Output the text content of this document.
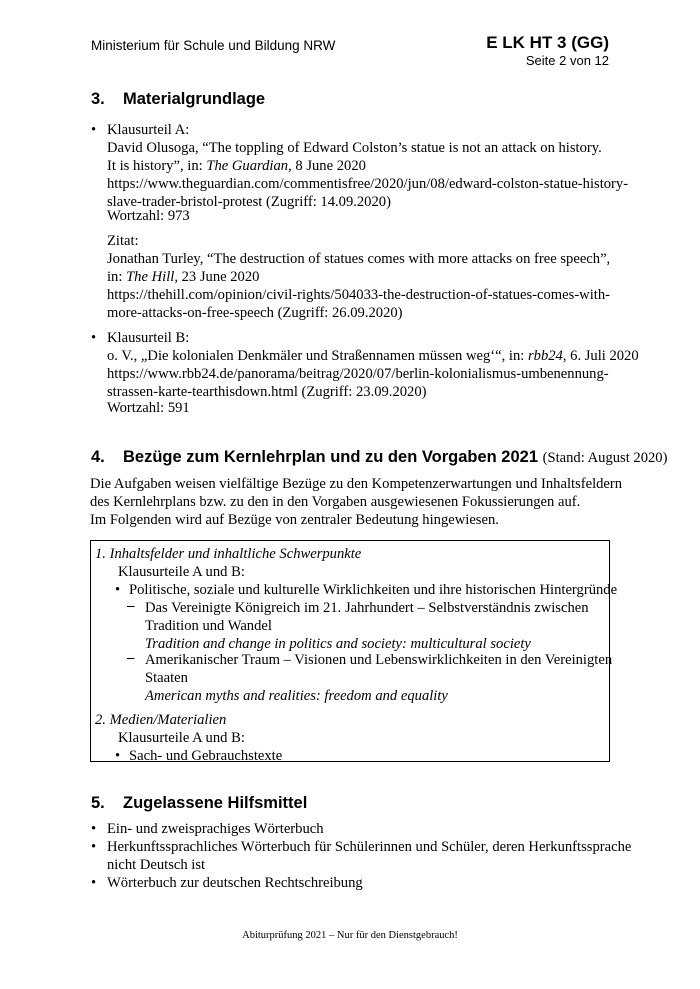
Ministerium für Schule und Bildung NRW	E LK HT 3 (GG)
Seite 2 von 12
3. Materialgrundlage
• Klausurteil A:
David Olusoga, “The toppling of Edward Colston’s statue is not an attack on history.
It is history”, in: The Guardian, 8 June 2020
https://www.theguardian.com/commentisfree/2020/jun/08/edward-colston-statue-history-
slave-trader-bristol-protest (Zugriff: 14.09.2020)
Wortzahl: 973
Zitat:
Jonathan Turley, “The destruction of statues comes with more attacks on free speech”,
in: The Hill, 23 June 2020
https://thehill.com/opinion/civil-rights/504033-the-destruction-of-statues-comes-with-
more-attacks-on-free-speech (Zugriff: 26.09.2020)
• Klausurteil B:
o. V., „Die kolonialen Denkmäler und Straßennamen müssen weg‘“, in: rbb24, 6. Juli 2020
https://www.rbb24.de/panorama/beitrag/2020/07/berlin-kolonialismus-umbenennung-
strassen-karte-tearthisdown.html (Zugriff: 23.09.2020)
Wortzahl: 591
4. Bezüge zum Kernlehrplan und zu den Vorgaben 2021 (Stand: August 2020)
Die Aufgaben weisen vielfältige Bezüge zu den Kompetenzerwartungen und Inhaltsfeldern
des Kernlehrplans bzw. zu den in den Vorgaben ausgewiesenen Fokussierungen auf.
Im Folgenden wird auf Bezüge von zentraler Bedeutung hingewiesen.
1. Inhaltsfelder und inhaltliche Schwerpunkte
Klausurteile A und B:
• Politische, soziale und kulturelle Wirklichkeiten und ihre historischen Hintergründe
– Das Vereinigte Königreich im 21. Jahrhundert – Selbstverständnis zwischen
Tradition und Wandel
Tradition and change in politics and society: multicultural society
– Amerikanischer Traum – Visionen und Lebenswirklichkeiten in den Vereinigten
Staaten
American myths and realities: freedom and equality
2. Medien/Materialien
Klausurteile A und B:
• Sach- und Gebrauchstexte
5. Zugelassene Hilfsmittel
• Ein- und zweisprachiges Wörterbuch
• Herkunftssprachliches Wörterbuch für Schülerinnen und Schüler, deren Herkunftssprache
nicht Deutsch ist
• Wörterbuch zur deutschen Rechtschreibung
Abiturprüfung 2021 – Nur für den Dienstgebrauch!
